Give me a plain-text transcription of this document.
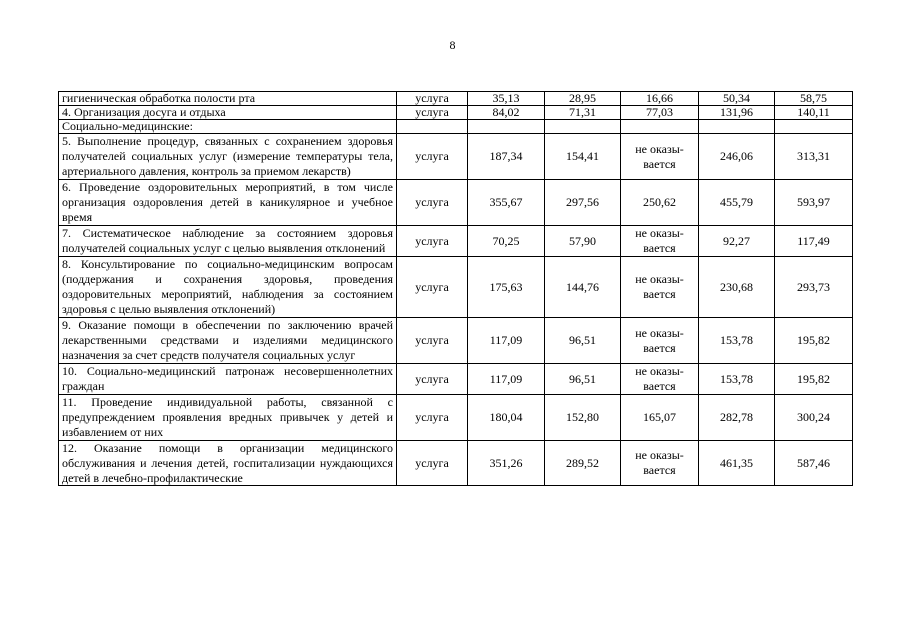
8
гигиеническая обработка полости рта	услуга	35,13	28,95	16,66	50,34	58,75
4. Организация досуга и отдыха	услуга	84,02	71,31	77,03	131,96	140,11
Социально-медицинские:						
5. Выполнение процедур, связанных с сохранением здоровья получателей социальных услуг (измерение температуры тела, артериального давления, контроль за приемом лекарств)	услуга	187,34	154,41	не оказы-вается	246,06	313,31
6. Проведение оздоровительных мероприятий, в том числе организация оздоровления детей в каникулярное и учебное время	услуга	355,67	297,56	250,62	455,79	593,97
7. Систематическое наблюдение за состоянием здоровья получателей социальных услуг с целью выявления отклонений	услуга	70,25	57,90	не оказы-вается	92,27	117,49
8. Консультирование по социально-медицинским вопросам (поддержания и сохранения здоровья, проведения оздоровительных мероприятий, наблюдения за состоянием здоровья с целью выявления отклонений)	услуга	175,63	144,76	не оказы-вается	230,68	293,73
9. Оказание помощи в обеспечении по заключению врачей лекарственными средствами и изделиями медицинского назначения за счет средств получателя социальных услуг	услуга	117,09	96,51	не оказы-вается	153,78	195,82
10. Социально-медицинский патронаж несовершеннолетних граждан	услуга	117,09	96,51	не оказы-вается	153,78	195,82
11. Проведение индивидуальной работы, связанной с предупреждением проявления вредных привычек у детей и избавлением от них	услуга	180,04	152,80	165,07	282,78	300,24

12. Оказание помощи в организации медицинского обслуживания и лечения детей, госпитализации нуждающихся детей в лечебно-профилактические	услуга	351,26	289,52	не оказы-вается	461,35	587,46
